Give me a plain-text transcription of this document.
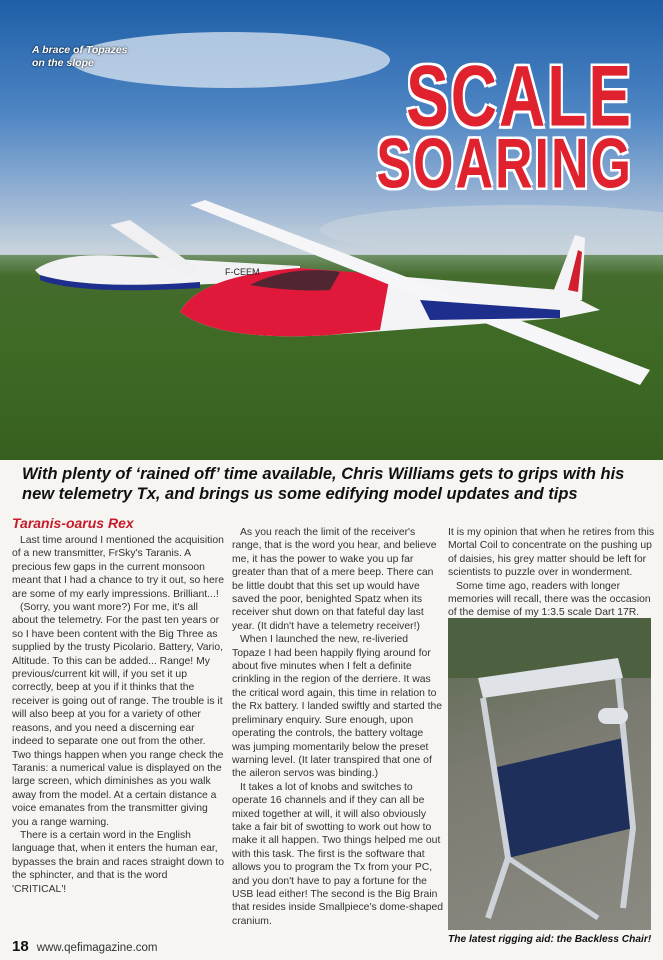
F-CEEM
A brace of Topazes
on the slope	SCALE
SOARING
With plenty of ‘rained off’ time available, Chris Williams gets to grips with his new telemetry Tx, and brings us some edifying model updates and tips
Taranis-oarus Rex

Last time around I mentioned the acquisition of a new transmitter, FrSky's Taranis. A precious few gaps in the current monsoon meant that I had a chance to try it out, so here are some of my early impressions. Brilliant...!

(Sorry, you want more?) For me, it's all about the telemetry. For the past ten years or so I have been content with the Big Three as supplied by the trusty Picolario. Battery, Vario, Altitude. To this can be added... Range! My previous/current kit will, if you set it up correctly, beep at you if it thinks that the receiver is going out of range. The trouble is it will also beep at you for a variety of other reasons, and you need a discerning ear indeed to separate one out from the other. Two things happen when you range check the Taranis: a numerical value is displayed on the large screen, which diminishes as you walk away from the model. At a certain distance a voice emanates from the transmitter giving you a range warning.

There is a certain word in the English language that, when it enters the human ear, bypasses the brain and races straight down to the sphincter, and that is the word 'CRITICAL'!

As you reach the limit of the receiver's range, that is the word you hear, and believe me, it has the power to wake you up far greater than that of a mere beep. There can be little doubt that this set up would have saved the poor, benighted Spatz when its receiver shut down on that fateful day last year. (It didn't have a telemetry receiver!)

When I launched the new, re-liveried Topaze I had been happily flying around for about five minutes when I felt a definite crinkling in the region of the derriere. It was the critical word again, this time in relation to the Rx battery. I landed swiftly and started the preliminary enquiry. Sure enough, upon operating the controls, the battery voltage was jumping momentarily below the preset warning level. (It later transpired that one of the aileron servos was binding.)

It takes a lot of knobs and switches to operate 16 channels and if they can all be mixed together at will, it will also obviously take a fair bit of swotting to work out how to make it all happen. Two things helped me out with this task. The first is the software that allows you to program the Tx from your PC, and you don't have to pay a fortune for the USB lead either! The second is the Big Brain that resides inside Smallpiece's dome-shaped cranium.

It is my opinion that when he retires from this Mortal Coil to concentrate on the pushing up of daisies, his grey matter should be left for scientists to puzzle over in wonderment.

Some time ago, readers with longer memories will recall, there was the occasion of the demise of my 1:3.5 scale Dart 17R.

The latest rigging aid: the Backless Chair!
18 www.qefimagazine.com
